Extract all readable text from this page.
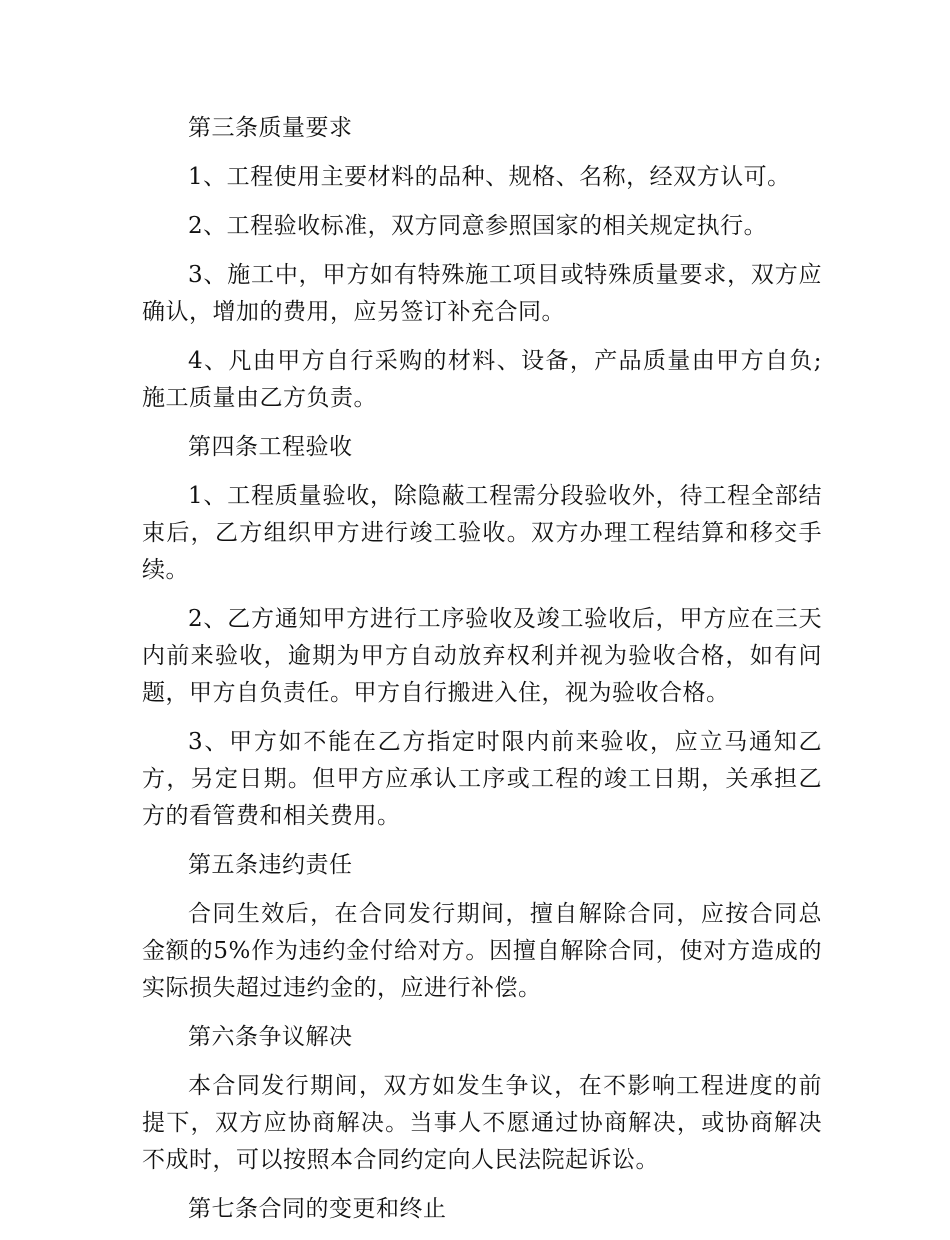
第三条质量要求

1、工程使用主要材料的品种、规格、名称，经双方认可。

2、工程验收标准，双方同意参照国家的相关规定执行。

3、施工中，甲方如有特殊施工项目或特殊质量要求，双方应确认，增加的费用，应另签订补充合同。

4、凡由甲方自行采购的材料、设备，产品质量由甲方自负;施工质量由乙方负责。

第四条工程验收

1、工程质量验收，除隐蔽工程需分段验收外，待工程全部结束后，乙方组织甲方进行竣工验收。双方办理工程结算和移交手续。

2、乙方通知甲方进行工序验收及竣工验收后，甲方应在三天内前来验收，逾期为甲方自动放弃权利并视为验收合格，如有问题，甲方自负责任。甲方自行搬进入住，视为验收合格。

3、甲方如不能在乙方指定时限内前来验收，应立马通知乙方，另定日期。但甲方应承认工序或工程的竣工日期，关承担乙方的看管费和相关费用。

第五条违约责任

合同生效后，在合同发行期间，擅自解除合同，应按合同总金额的5%作为违约金付给对方。因擅自解除合同，使对方造成的实际损失超过违约金的，应进行补偿。

第六条争议解决

本合同发行期间，双方如发生争议，在不影响工程进度的前提下，双方应协商解决。当事人不愿通过协商解决，或协商解决不成时，可以按照本合同约定向人民法院起诉讼。

第七条合同的变更和终止
